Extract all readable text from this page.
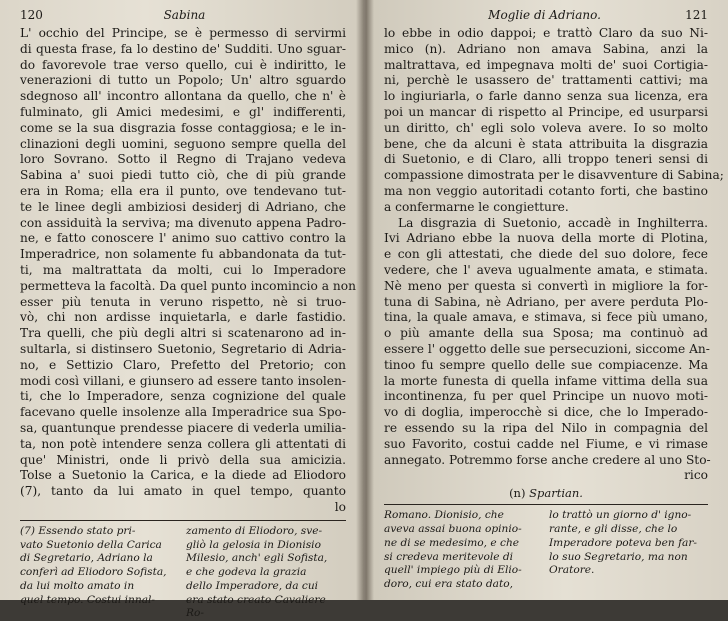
120	Sabina
L' occhio del Principe, se è permesso di servirmi
di questa frase, fa lo destino de' Sudditi. Uno sguar-
do favorevole trae verso quello, cui è indiritto, le
venerazioni di tutto un Popolo; Un' altro sguardo
sdegnoso all' incontro allontana da quello, che n' è
fulminato, gli Amici medesimi, e gl' indifferenti,
come se la sua disgrazia fosse contaggiosa; e le in-
clinazioni degli uomini, seguono sempre quella del
loro Sovrano. Sotto il Regno di Trajano vedeva
Sabina a' suoi piedi tutto ciò, che di più grande
era in Roma; ella era il punto, ove tendevano tut-
te le linee degli ambiziosi desiderj di Adriano, che
con assiduità la serviva; ma divenuto appena Padro-
ne, e fatto conoscere l' animo suo cattivo contro la
Imperadrice, non solamente fu abbandonata da tut-
ti, ma maltrattata da molti, cui lo Imperadore
permetteva la facoltà. Da quel punto incomincio a non
esser più tenuta in veruno rispetto, nè si truo-
vò, chi non ardisse inquietarla, e darle fastidio.
Tra quelli, che più degli altri si scatenarono ad in-
sultarla, si distinsero Suetonio, Segretario di Adria-
no, e Settizio Claro, Prefetto del Pretorio; con
modi così villani, e giunsero ad essere tanto insolen-
ti, che lo Imperadore, senza cognizione del quale
facevano quelle insolenze alla Imperadrice sua Spo-
sa, quantunque prendesse piacere di vederla umilia-
ta, non potè intendere senza collera gli attentati di
que' Ministri, onde li privò della sua amicizia.
Tolse a Suetonio la Carica, e la diede ad Eliodoro
(7), tanto da lui amato in quel tempo, quanto
lo
(7) Essendo stato pri-
vato Suetonio della Carica
di Segretario, Adriano la
conferì ad Eliodoro Sofista,
da lui molto amato in
quel tempo. Costui innal-
zamento di Eliodoro, sve-
gliò la gelosia in Dionisio
Milesio, anch' egli Sofista,
e che godeva la grazia
dello Imperadore, da cui
era stato creato Cavaliere
Ro-
Moglie di Adriano.	121
lo ebbe in odio dappoi; e trattò Claro da suo Ni-
mico (n). Adriano non amava Sabina, anzi la
maltrattava, ed impegnava molti de' suoi Cortigia-
ni, perchè le usassero de' trattamenti cattivi; ma
lo ingiuriarla, o farle danno senza sua licenza, era
poi un mancar di rispetto al Principe, ed usurparsi
un diritto, ch' egli solo voleva avere. Io so molto
bene, che da alcuni è stata attribuita la disgrazia
di Suetonio, e di Claro, alli troppo teneri sensi di
compassione dimostrata per le disavventure di Sabina;
ma non veggio autoritadi cotanto forti, che bastino
a confermarne le congietture.
La disgrazia di Suetonio, accadè in Inghilterra.
Ivi Adriano ebbe la nuova della morte di Plotina,
e con gli attestati, che diede del suo dolore, fece
vedere, che l' aveva ugualmente amata, e stimata.
Nè meno per questa si convertì in migliore la for-
tuna di Sabina, nè Adriano, per avere perduta Plo-
tina, la quale amava, e stimava, si fece più umano,
o più amante della sua Sposa; ma continuò ad
essere l' oggetto delle sue persecuzioni, siccome An-
tinoo fu sempre quello delle sue compiacenze. Ma
la morte funesta di quella infame vittima della sua
incontinenza, fu per quel Principe un nuovo moti-
vo di doglia, imperocchè si dice, che lo Imperado-
re essendo su la ripa del Nilo in compagnia del
suo Favorito, costui cadde nel Fiume, e vi rimase
annegato. Potremmo forse anche credere al uno Sto-
rico
(n) Spartian.
Romano. Dionisio, che
aveva assai buona opinio-
ne di se medesimo, e che
si credeva meritevole di
quell' impiego più di Elio-
doro, cui era stato dato,
lo trattò un giorno d' igno-
rante, e gli disse, che lo
Imperadore poteva ben far-
lo suo Segretario, ma non
Oratore.
